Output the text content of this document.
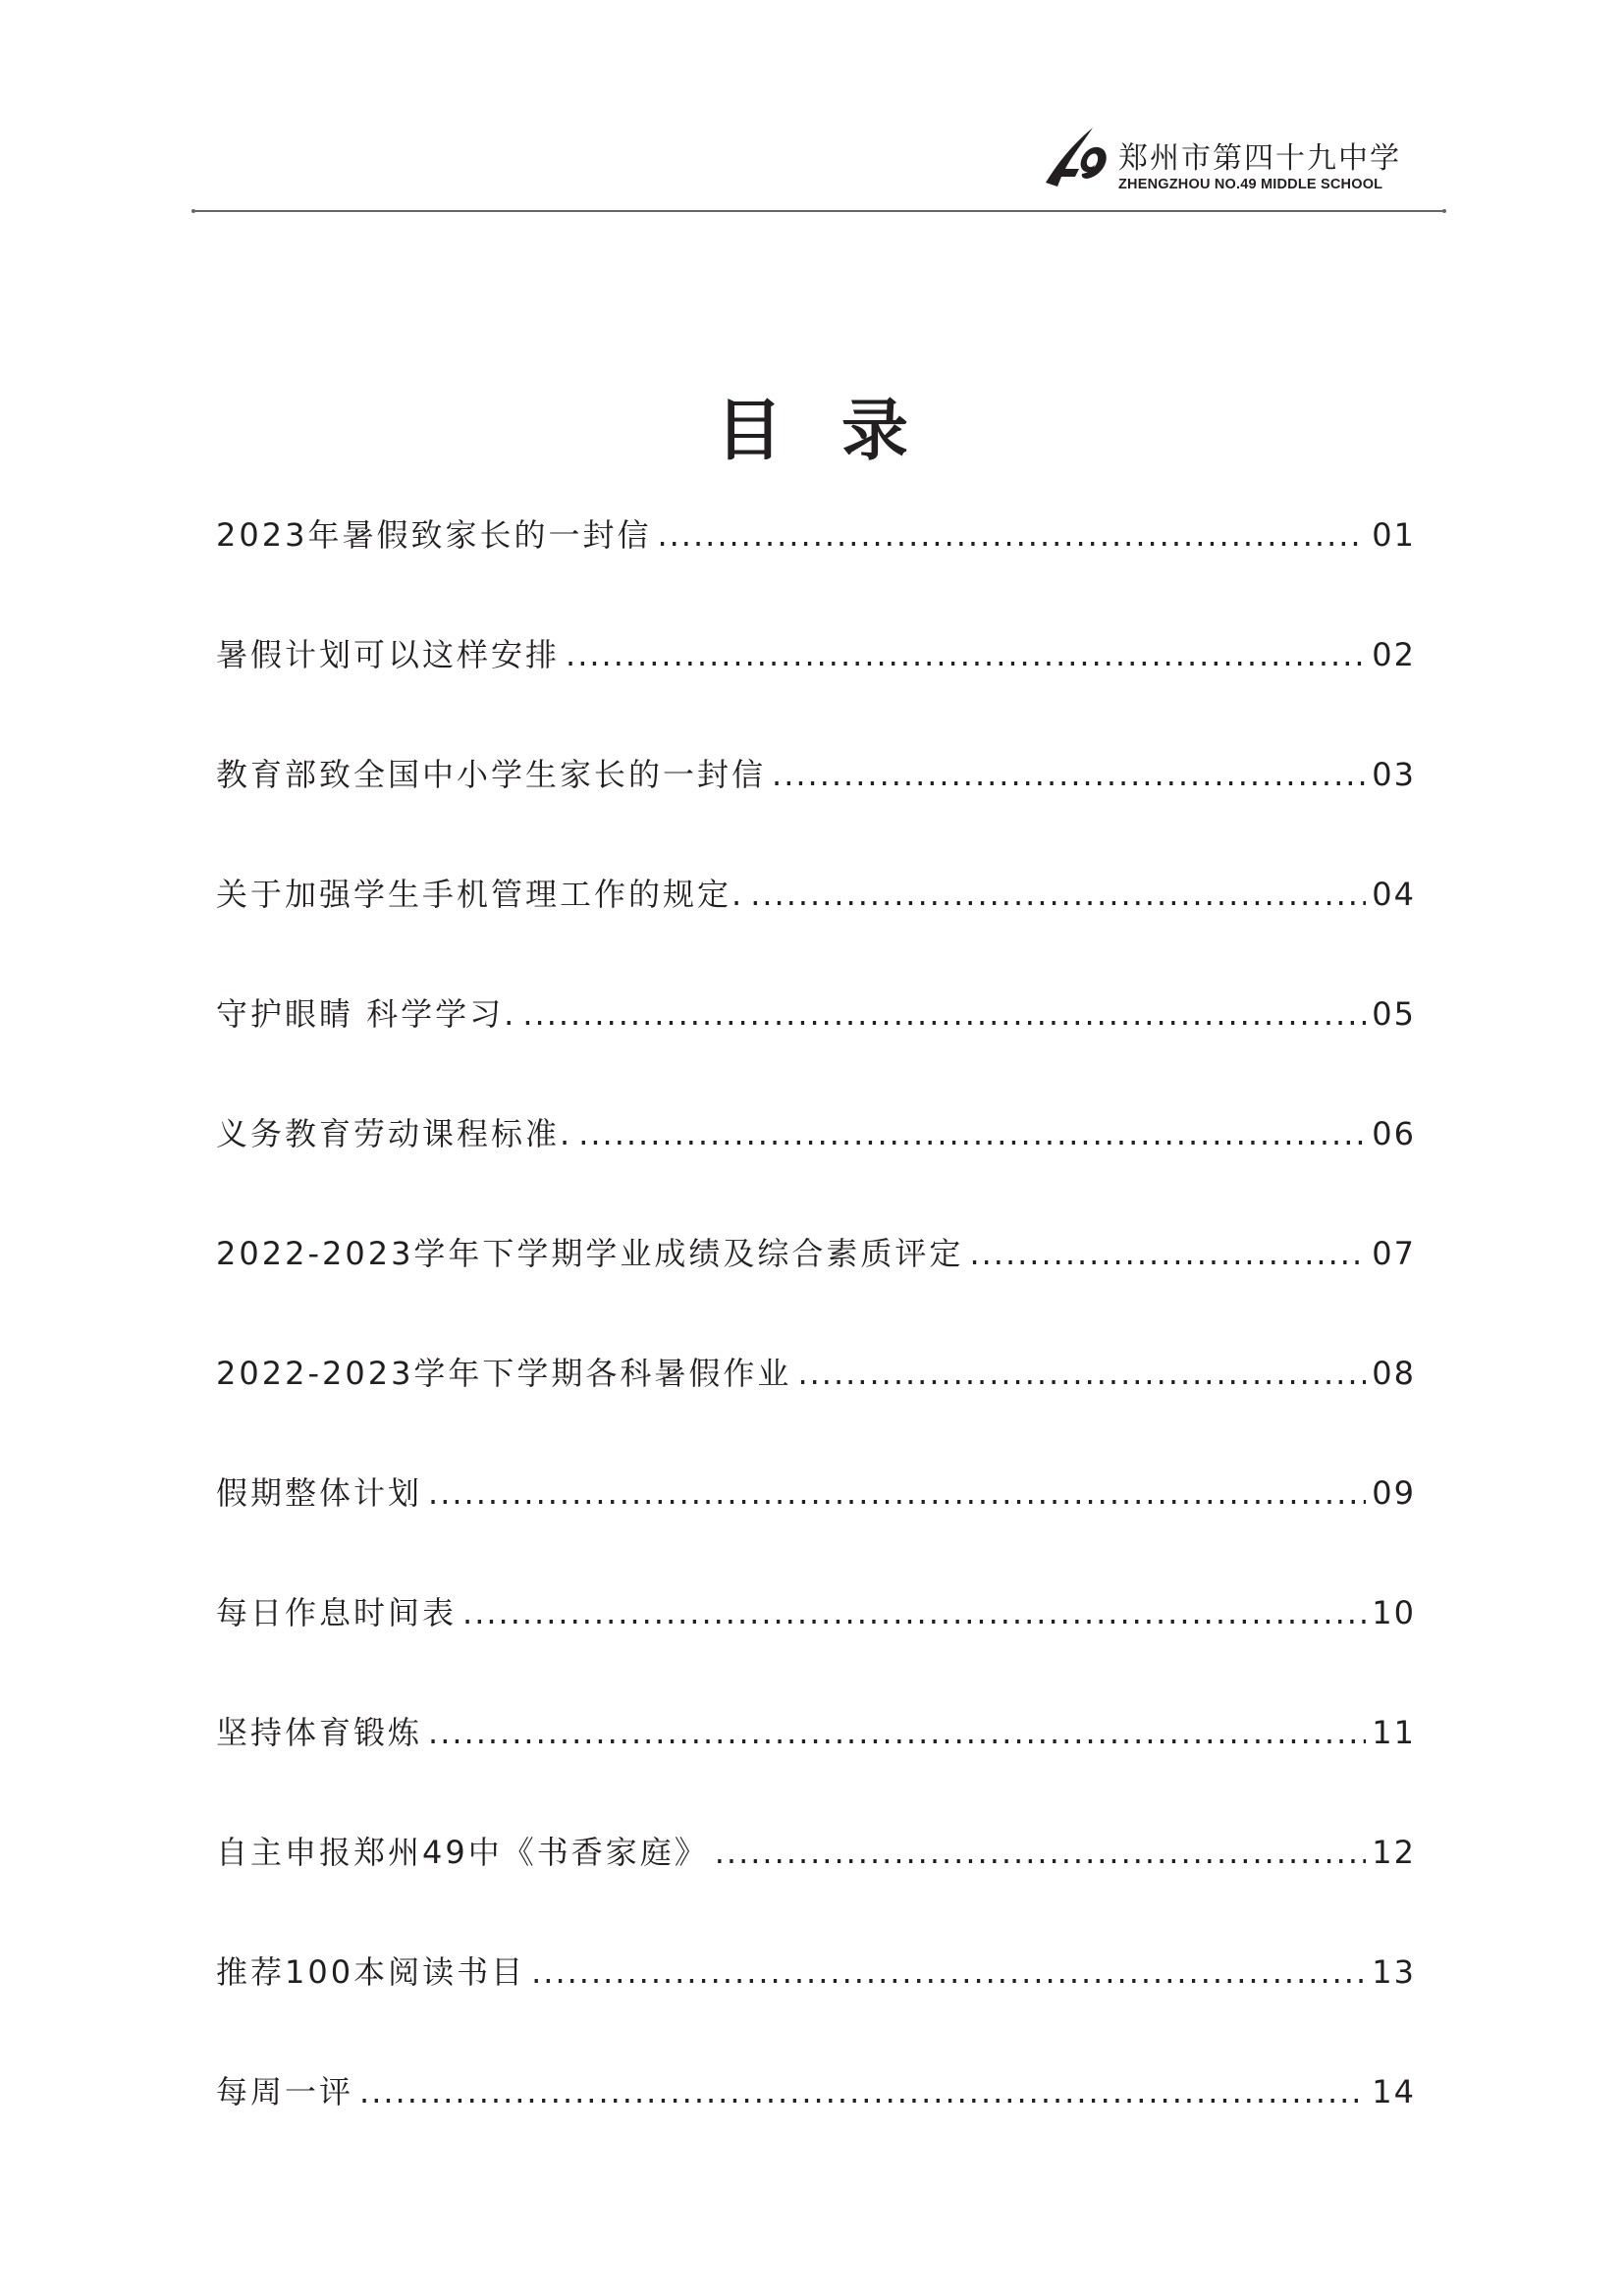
郑州市第四十九中学
ZHENGZHOU NO.49 MIDDLE SCHOOL
目录
2023年暑假致家长的一封信 .....	01
暑假计划可以这样安排 .....	02
教育部致全国中小学生家长的一封信 .....	03
关于加强学生手机管理工作的规定. .....	04
守护眼睛 科学学习. .....	05
义务教育劳动课程标准. .....	06
2022-2023学年下学期学业成绩及综合素质评定 .....	07
2022-2023学年下学期各科暑假作业 .....	08
假期整体计划 .....	09
每日作息时间表 .....	10
坚持体育锻炼 .....	11
自主申报郑州49中《书香家庭》 .....	12
推荐100本阅读书目 .....	13
每周一评 .....	14
